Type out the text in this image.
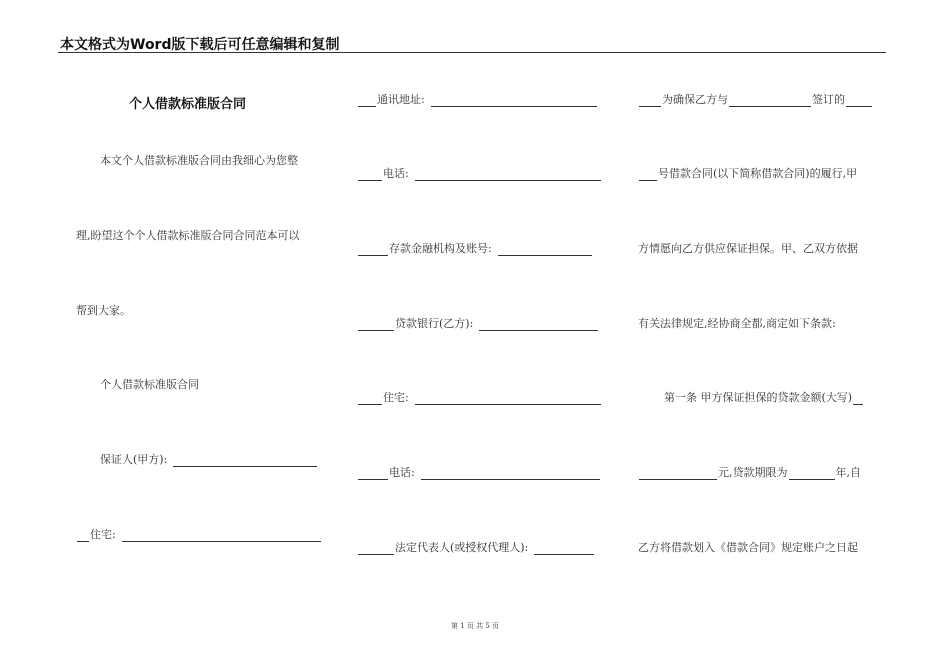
本文格式为Word版下载后可任意编辑和复制
个人借款标准版合同
本文个人借款标准版合同由我细心为您整
理,盼望这个个人借款标准版合同合同范本可以
帮到大家。
个人借款标准版合同
保证人(甲方):
住宅:
通讯地址:
电话:
存款金融机构及账号:
贷款银行(乙方):
住宅:
电话:
法定代表人(或授权代理人):
为确保乙方与	签订的
号借款合同(以下简称借款合同)的履行,甲
方情愿向乙方供应保证担保。甲、乙双方依据
有关法律规定,经协商全都,商定如下条款:
第一条 甲方保证担保的贷款金额(大写)
元,贷款期限为	年,自
乙方将借款划入《借款合同》规定账户之日起
第 1 页 共 5 页
